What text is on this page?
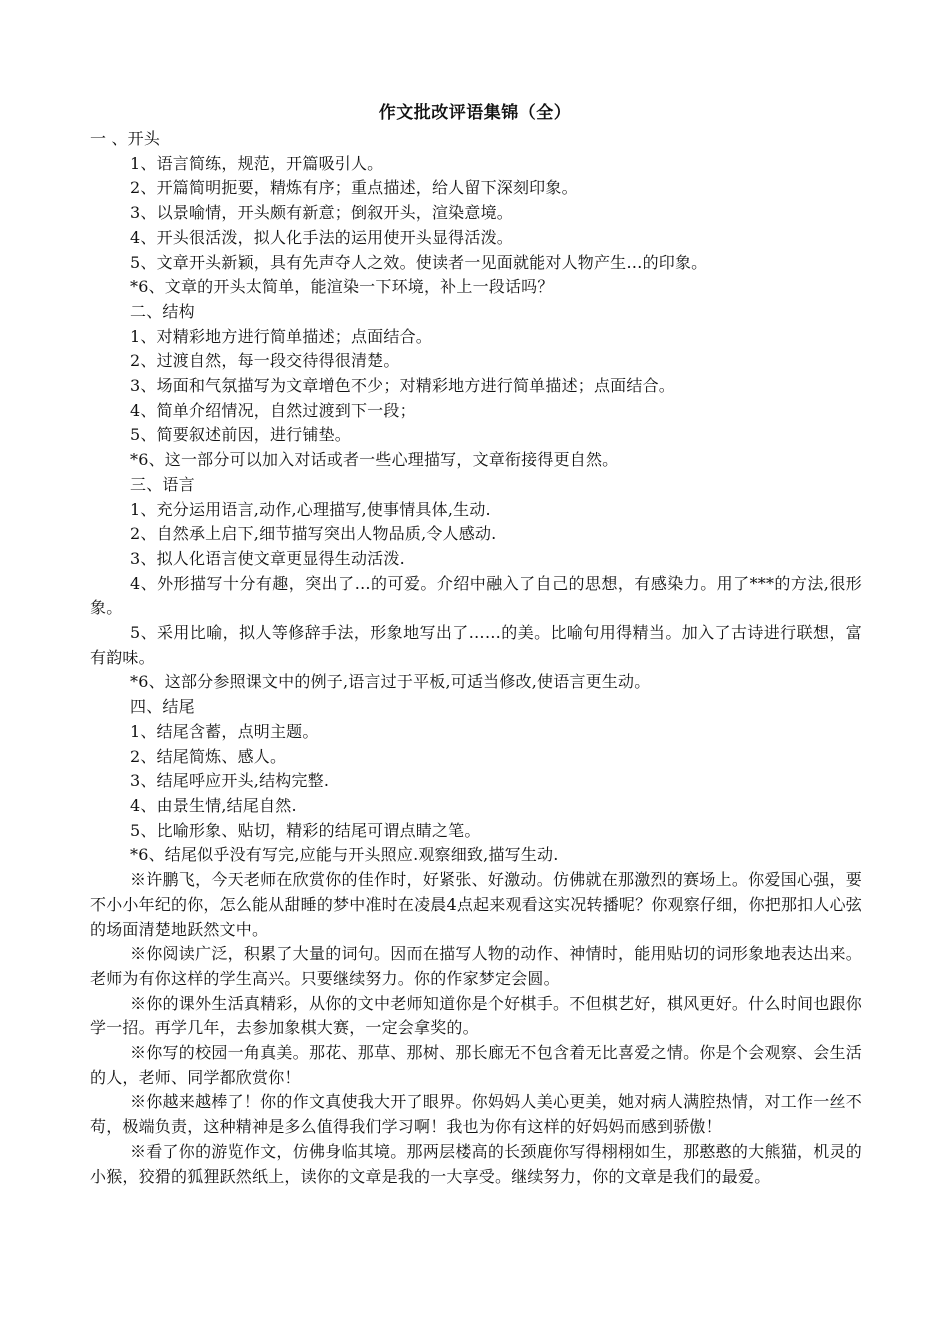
作文批改评语集锦（全）

一 、开头

1、语言简练，规范，开篇吸引人。

2、开篇简明扼要，精炼有序；重点描述，给人留下深刻印象。

3、以景喻情，开头颇有新意；倒叙开头，渲染意境。

4、开头很活泼，拟人化手法的运用使开头显得活泼。

5、文章开头新颖，具有先声夺人之效。使读者一见面就能对人物产生…的印象。

*6、文章的开头太简单，能渲染一下环境，补上一段话吗？

二、结构

1、对精彩地方进行简单描述；点面结合。

2、过渡自然，每一段交待得很清楚。

3、场面和气氛描写为文章增色不少；对精彩地方进行简单描述；点面结合。

4、简单介绍情况，自然过渡到下一段；

5、简要叙述前因，进行铺垫。

*6、这一部分可以加入对话或者一些心理描写，文章衔接得更自然。

三、语言

1、充分运用语言,动作,心理描写,使事情具体,生动.

2、自然承上启下,细节描写突出人物品质,令人感动.

3、拟人化语言使文章更显得生动活泼.

4、外形描写十分有趣，突出了…的可爱。介绍中融入了自己的思想，有感染力。用了***的方法,很形象。

5、采用比喻，拟人等修辞手法，形象地写出了……的美。比喻句用得精当。加入了古诗进行联想，富有韵味。

*6、这部分参照课文中的例子,语言过于平板,可适当修改,使语言更生动。

四、结尾

1、结尾含蓄，点明主题。

2、结尾简炼、感人。

3、结尾呼应开头,结构完整.

4、由景生情,结尾自然.

5、比喻形象、贴切，精彩的结尾可谓点睛之笔。

*6、结尾似乎没有写完,应能与开头照应.观察细致,描写生动.

※许鹏飞，今天老师在欣赏你的佳作时，好紧张、好激动。仿佛就在那激烈的赛场上。你爱国心强，要不小小年纪的你，怎么能从甜睡的梦中准时在凌晨4点起来观看这实况转播呢？你观察仔细，你把那扣人心弦的场面清楚地跃然文中。

※你阅读广泛，积累了大量的词句。因而在描写人物的动作、神情时，能用贴切的词形象地表达出来。老师为有你这样的学生高兴。只要继续努力。你的作家梦定会圆。

※你的课外生活真精彩，从你的文中老师知道你是个好棋手。不但棋艺好，棋风更好。什么时间也跟你学一招。再学几年，去参加象棋大赛，一定会拿奖的。

※你写的校园一角真美。那花、那草、那树、那长廊无不包含着无比喜爱之情。你是个会观察、会生活的人，老师、同学都欣赏你！

※你越来越棒了！你的作文真使我大开了眼界。你妈妈人美心更美，她对病人满腔热情，对工作一丝不苟，极端负责，这种精神是多么值得我们学习啊！我也为你有这样的好妈妈而感到骄傲！

※看了你的游览作文，仿佛身临其境。那两层楼高的长颈鹿你写得栩栩如生，那憨憨的大熊猫，机灵的小猴，狡猾的狐狸跃然纸上，读你的文章是我的一大享受。继续努力，你的文章是我们的最爱。
